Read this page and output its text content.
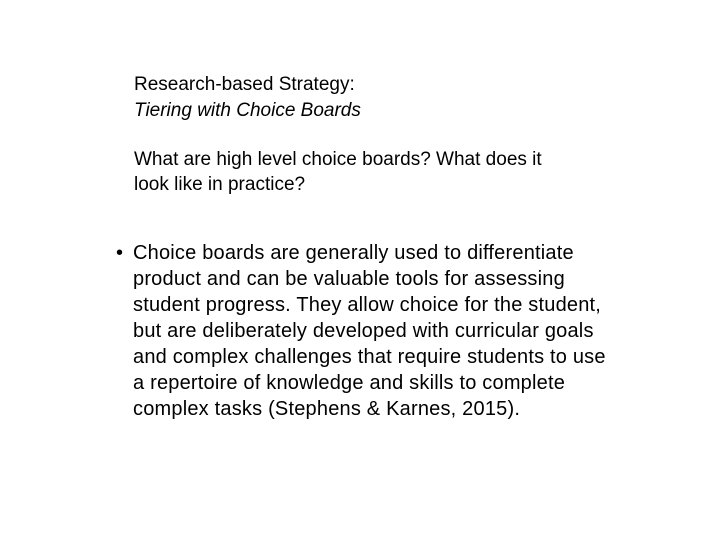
Research-based Strategy:

Tiering with Choice Boards

What are high level choice boards? What does it look like in practice?

• Choice boards are generally used to differentiate product and can be valuable tools for assessing student progress. They allow choice for the student, but are deliberately developed with curricular goals and complex challenges that require students to use a repertoire of knowledge and skills to complete complex tasks (Stephens & Karnes, 2015).
